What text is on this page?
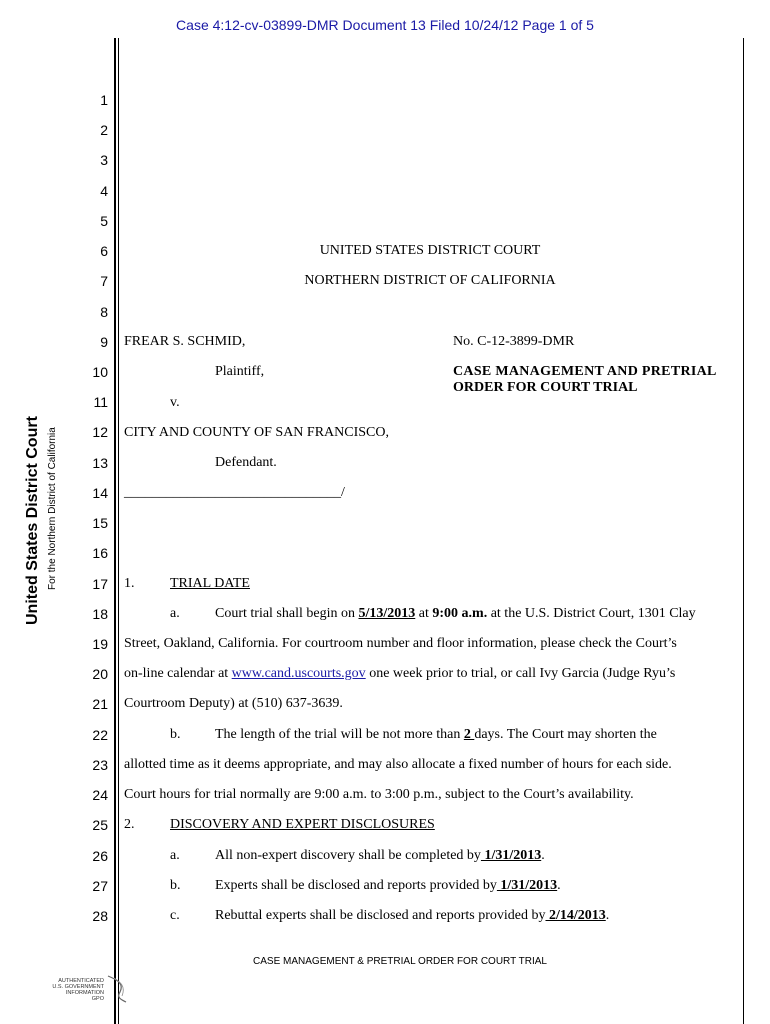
Case 4:12-cv-03899-DMR Document 13 Filed 10/24/12 Page 1 of 5
United States District Court For the Northern District of California
1
2
3
4
5
6
7
8
9
10
11
12
13
14
15
16
17
18
19
20
21
22
23
24
25
26
27
28
UNITED STATES DISTRICT COURT
NORTHERN DISTRICT OF CALIFORNIA
FREAR S. SCHMID,	No. C-12-3899-DMR
Plaintiff,	CASE MANAGEMENT AND PRETRIAL
ORDER FOR COURT TRIAL
v.
CITY AND COUNTY OF SAN FRANCISCO,
Defendant.
_______________________________/
1.	TRIAL DATE
a.	Court trial shall begin on 5/13/2013 at 9:00 a.m. at the U.S. District Court, 1301 Clay
Street, Oakland, California. For courtroom number and floor information, please check the Court’s
on-line calendar at www.cand.uscourts.gov one week prior to trial, or call Ivy Garcia (Judge Ryu’s
Courtroom Deputy) at (510) 637-3639.
b. The length of the trial will be not more than 2 days. The Court may shorten the
allotted time as it deems appropriate, and may also allocate a fixed number of hours for each side.
Court hours for trial normally are 9:00 a.m. to 3:00 p.m., subject to the Court’s availability.
2.	DISCOVERY AND EXPERT DISCLOSURES
a.	All non-expert discovery shall be completed by 1/31/2013.
b. Experts shall be disclosed and reports provided by 1/31/2013.
c.	Rebuttal experts shall be disclosed and reports provided by 2/14/2013.
CASE MANAGEMENT & PRETRIAL ORDER FOR COURT TRIAL
AUTHENTICATED
U.S. GOVERNMENT
INFORMATION
GPO
